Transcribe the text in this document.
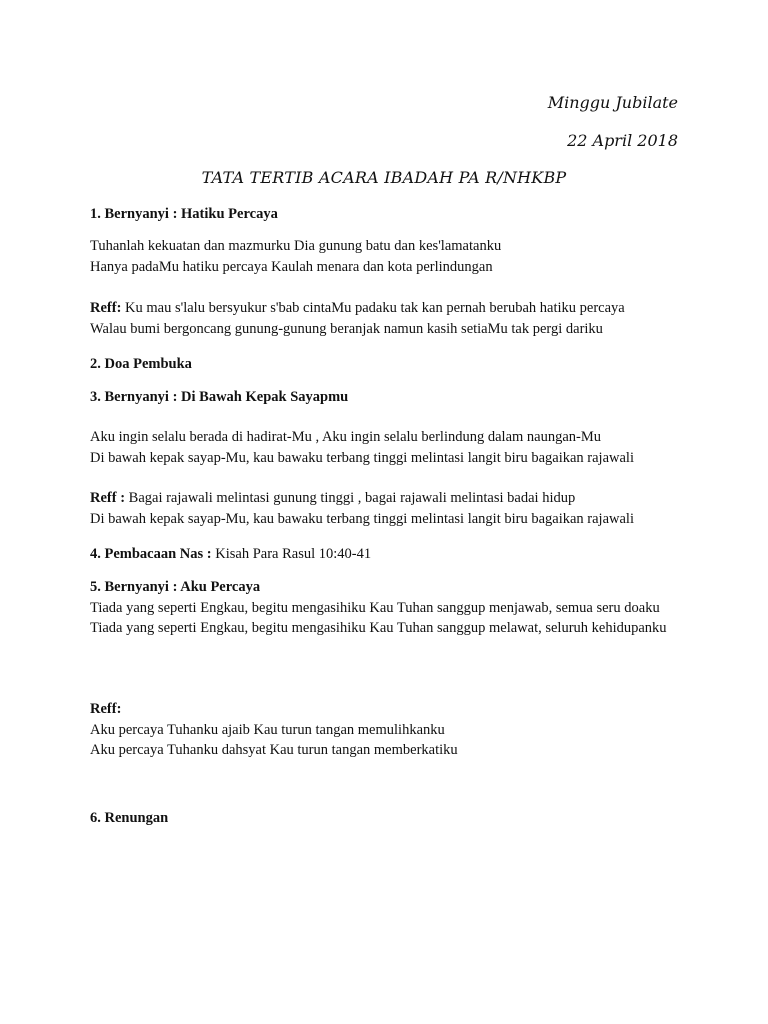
Minggu Jubilate
22 April 2018
TATA TERTIB ACARA IBADAH PA R/NHKBP
1. Bernyanyi : Hatiku Percaya
Tuhanlah kekuatan dan mazmurku Dia gunung batu dan kes'lamatanku
Hanya padaMu hatiku percaya Kaulah menara dan kota perlindungan
Reff: Ku mau s'lalu bersyukur s'bab cintaMu padaku tak kan pernah berubah hatiku percaya
Walau bumi bergoncang gunung-gunung beranjak namun kasih setiaMu tak pergi dariku
2. Doa Pembuka
3. Bernyanyi : Di Bawah Kepak Sayapmu
Aku ingin selalu berada di hadirat-Mu , Aku ingin selalu berlindung dalam naungan-Mu
Di bawah kepak sayap-Mu, kau bawaku terbang tinggi melintasi langit biru bagaikan rajawali
Reff : Bagai rajawali melintasi gunung tinggi , bagai rajawali melintasi badai hidup
Di bawah kepak sayap-Mu, kau bawaku terbang tinggi melintasi langit biru bagaikan rajawali
4. Pembacaan Nas : Kisah Para Rasul 10:40-41
5. Bernyanyi : Aku Percaya
Tiada yang seperti Engkau, begitu mengasihiku Kau Tuhan sanggup menjawab, semua seru doaku
Tiada yang seperti Engkau, begitu mengasihiku Kau Tuhan sanggup melawat, seluruh kehidupanku
Reff:
Aku percaya Tuhanku ajaib Kau turun tangan memulihkanku
Aku percaya Tuhanku dahsyat Kau turun tangan memberkatiku
6. Renungan
